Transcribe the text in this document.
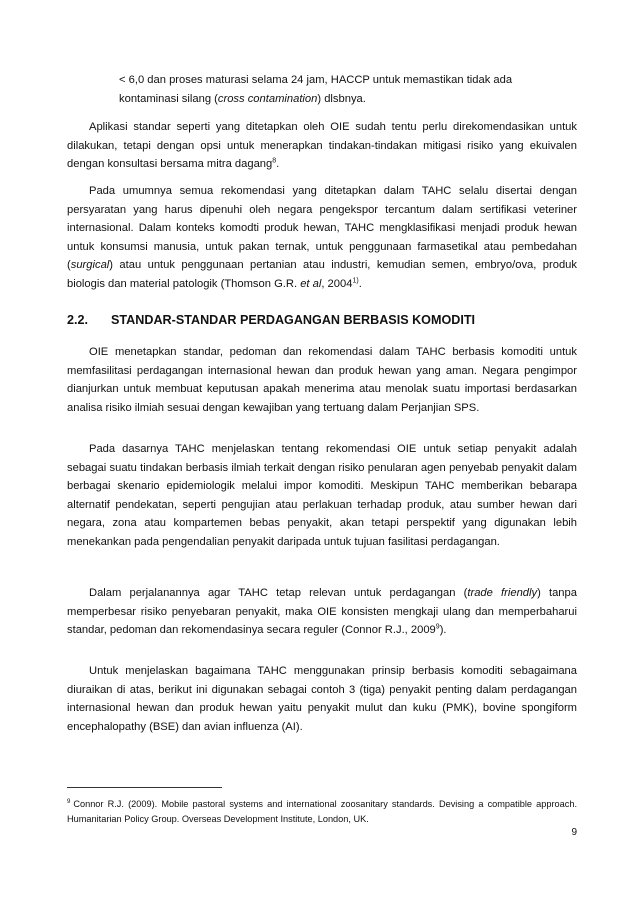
< 6,0 dan proses maturasi selama 24 jam, HACCP untuk memastikan tidak ada
kontaminasi silang (cross contamination) dlsbnya.

Aplikasi standar seperti yang ditetapkan oleh OIE sudah tentu perlu direkomendasikan untuk dilakukan, tetapi dengan opsi untuk menerapkan tindakan-tindakan mitigasi risiko yang ekuivalen dengan konsultasi bersama mitra dagang$^8$.

Pada umumnya semua rekomendasi yang ditetapkan dalam TAHC selalu disertai dengan persyaratan yang harus dipenuhi oleh negara pengekspor tercantum dalam sertifikasi veteriner internasional. Dalam konteks komodti produk hewan, TAHC mengklasifikasi menjadi produk hewan untuk konsumsi manusia, untuk pakan ternak, untuk penggunaan farmasetikal atau pembedahan (surgical) atau untuk penggunaan pertanian atau industri, kemudian semen, embryo/ova, produk biologis dan material patologik (Thomson G.R. et al, 2004$^{1)}$.

2.2. STANDAR-STANDAR PERDAGANGAN BERBASIS KOMODITI

OIE menetapkan standar, pedoman dan rekomendasi dalam TAHC berbasis komoditi untuk memfasilitasi perdagangan internasional hewan dan produk hewan yang aman. Negara pengimpor dianjurkan untuk membuat keputusan apakah menerima atau menolak suatu importasi berdasarkan analisa risiko ilmiah sesuai dengan kewajiban yang tertuang dalam Perjanjian SPS.

Pada dasarnya TAHC menjelaskan tentang rekomendasi OIE untuk setiap penyakit adalah sebagai suatu tindakan berbasis ilmiah terkait dengan risiko penularan agen penyebab penyakit dalam berbagai skenario epidemiologik melalui impor komoditi. Meskipun TAHC memberikan bebarapa alternatif pendekatan, seperti pengujian atau perlakuan terhadap produk, atau sumber hewan dari negara, zona atau kompartemen bebas penyakit, akan tetapi perspektif yang digunakan lebih menekankan pada pengendalian penyakit daripada untuk tujuan fasilitasi perdagangan.

Dalam perjalanannya agar TAHC tetap relevan untuk perdagangan (trade friendly) tanpa memperbesar risiko penyebaran penyakit, maka OIE konsisten mengkaji ulang dan memperbaharui standar, pedoman dan rekomendasinya secara reguler (Connor R.J., 2009$^9$).

Untuk menjelaskan bagaimana TAHC menggunakan prinsip berbasis komoditi sebagaimana diuraikan di atas, berikut ini digunakan sebagai contoh 3 (tiga) penyakit penting dalam perdagangan internasional hewan dan produk hewan yaitu penyakit mulut dan kuku (PMK), bovine spongiform encephalopathy (BSE) dan avian influenza (AI).

$^9$ Connor R.J. (2009). Mobile pastoral systems and international zoosanitary standards. Devising a compatible approach. Humanitarian Policy Group. Overseas Development Institute, London, UK.

9
